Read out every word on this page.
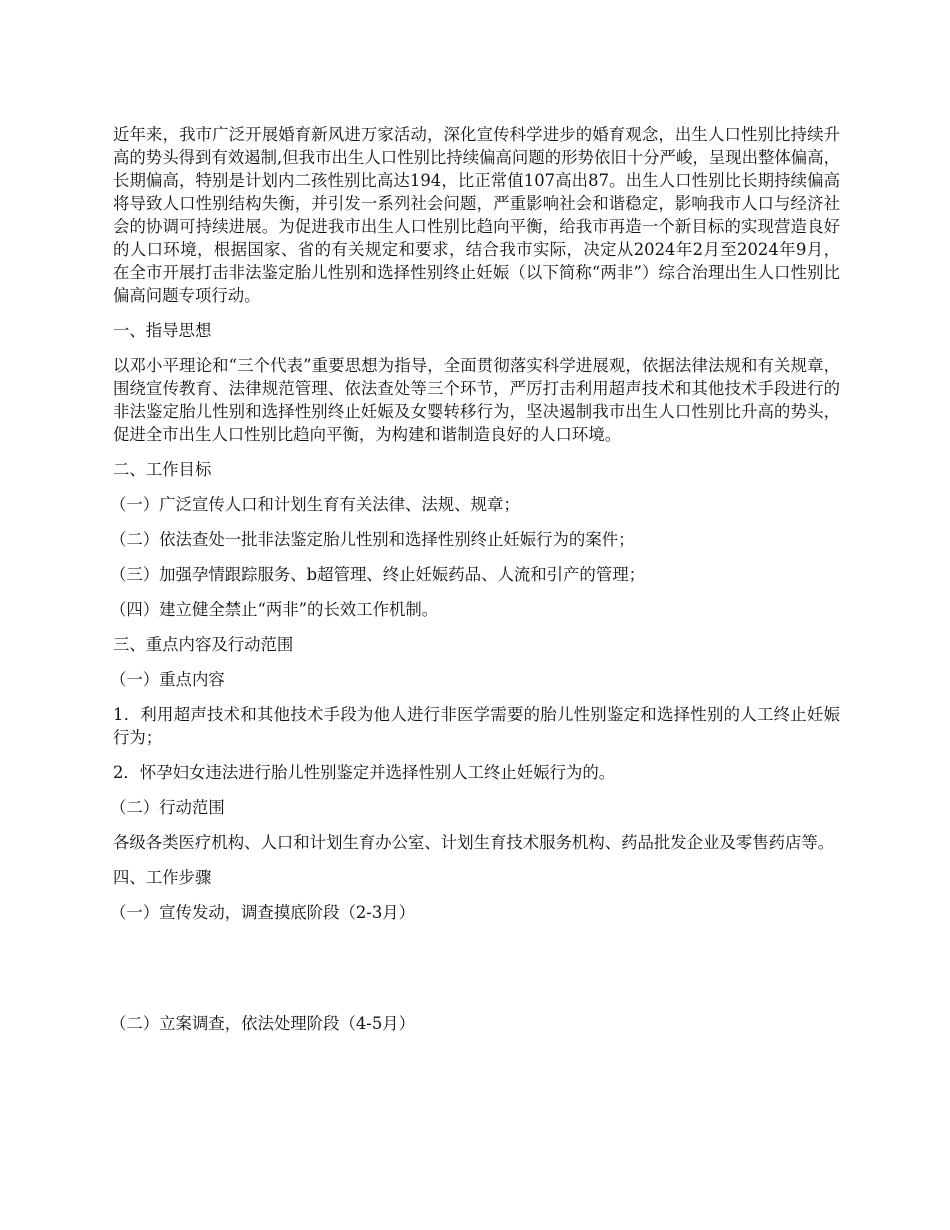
近年来，我市广泛开展婚育新风进万家活动，深化宣传科学进步的婚育观念，出生人口性别比持续升高的势头得到有效遏制,但我市出生人口性别比持续偏高问题的形势依旧十分严峻，呈现出整体偏高，长期偏高，特别是计划内二孩性别比高达194，比正常值107高出87。出生人口性别比长期持续偏高将导致人口性别结构失衡，并引发一系列社会问题，严重影响社会和谐稳定，影响我市人口与经济社会的协调可持续进展。为促进我市出生人口性别比趋向平衡，给我市再造一个新目标的实现营造良好的人口环境，根据国家、省的有关规定和要求，结合我市实际，决定从2024年2月至2024年9月，在全市开展打击非法鉴定胎儿性别和选择性别终止妊娠（以下简称“两非”）综合治理出生人口性别比偏高问题专项行动。

一、指导思想

以邓小平理论和“三个代表”重要思想为指导，全面贯彻落实科学进展观，依据法律法规和有关规章，围绕宣传教育、法律规范管理、依法查处等三个环节，严厉打击利用超声技术和其他技术手段进行的非法鉴定胎儿性别和选择性别终止妊娠及女婴转移行为，坚决遏制我市出生人口性别比升高的势头，促进全市出生人口性别比趋向平衡，为构建和谐制造良好的人口环境。

二、工作目标

（一）广泛宣传人口和计划生育有关法律、法规、规章；

（二）依法查处一批非法鉴定胎儿性别和选择性别终止妊娠行为的案件；

（三）加强孕情跟踪服务、b超管理、终止妊娠药品、人流和引产的管理；

（四）建立健全禁止“两非”的长效工作机制。

三、重点内容及行动范围

（一）重点内容

1．利用超声技术和其他技术手段为他人进行非医学需要的胎儿性别鉴定和选择性别的人工终止妊娠行为；

2．怀孕妇女违法进行胎儿性别鉴定并选择性别人工终止妊娠行为的。

（二）行动范围

各级各类医疗机构、人口和计划生育办公室、计划生育技术服务机构、药品批发企业及零售药店等。

四、工作步骤

（一）宣传发动，调查摸底阶段（2-3月）

（二）立案调查，依法处理阶段（4-5月）
